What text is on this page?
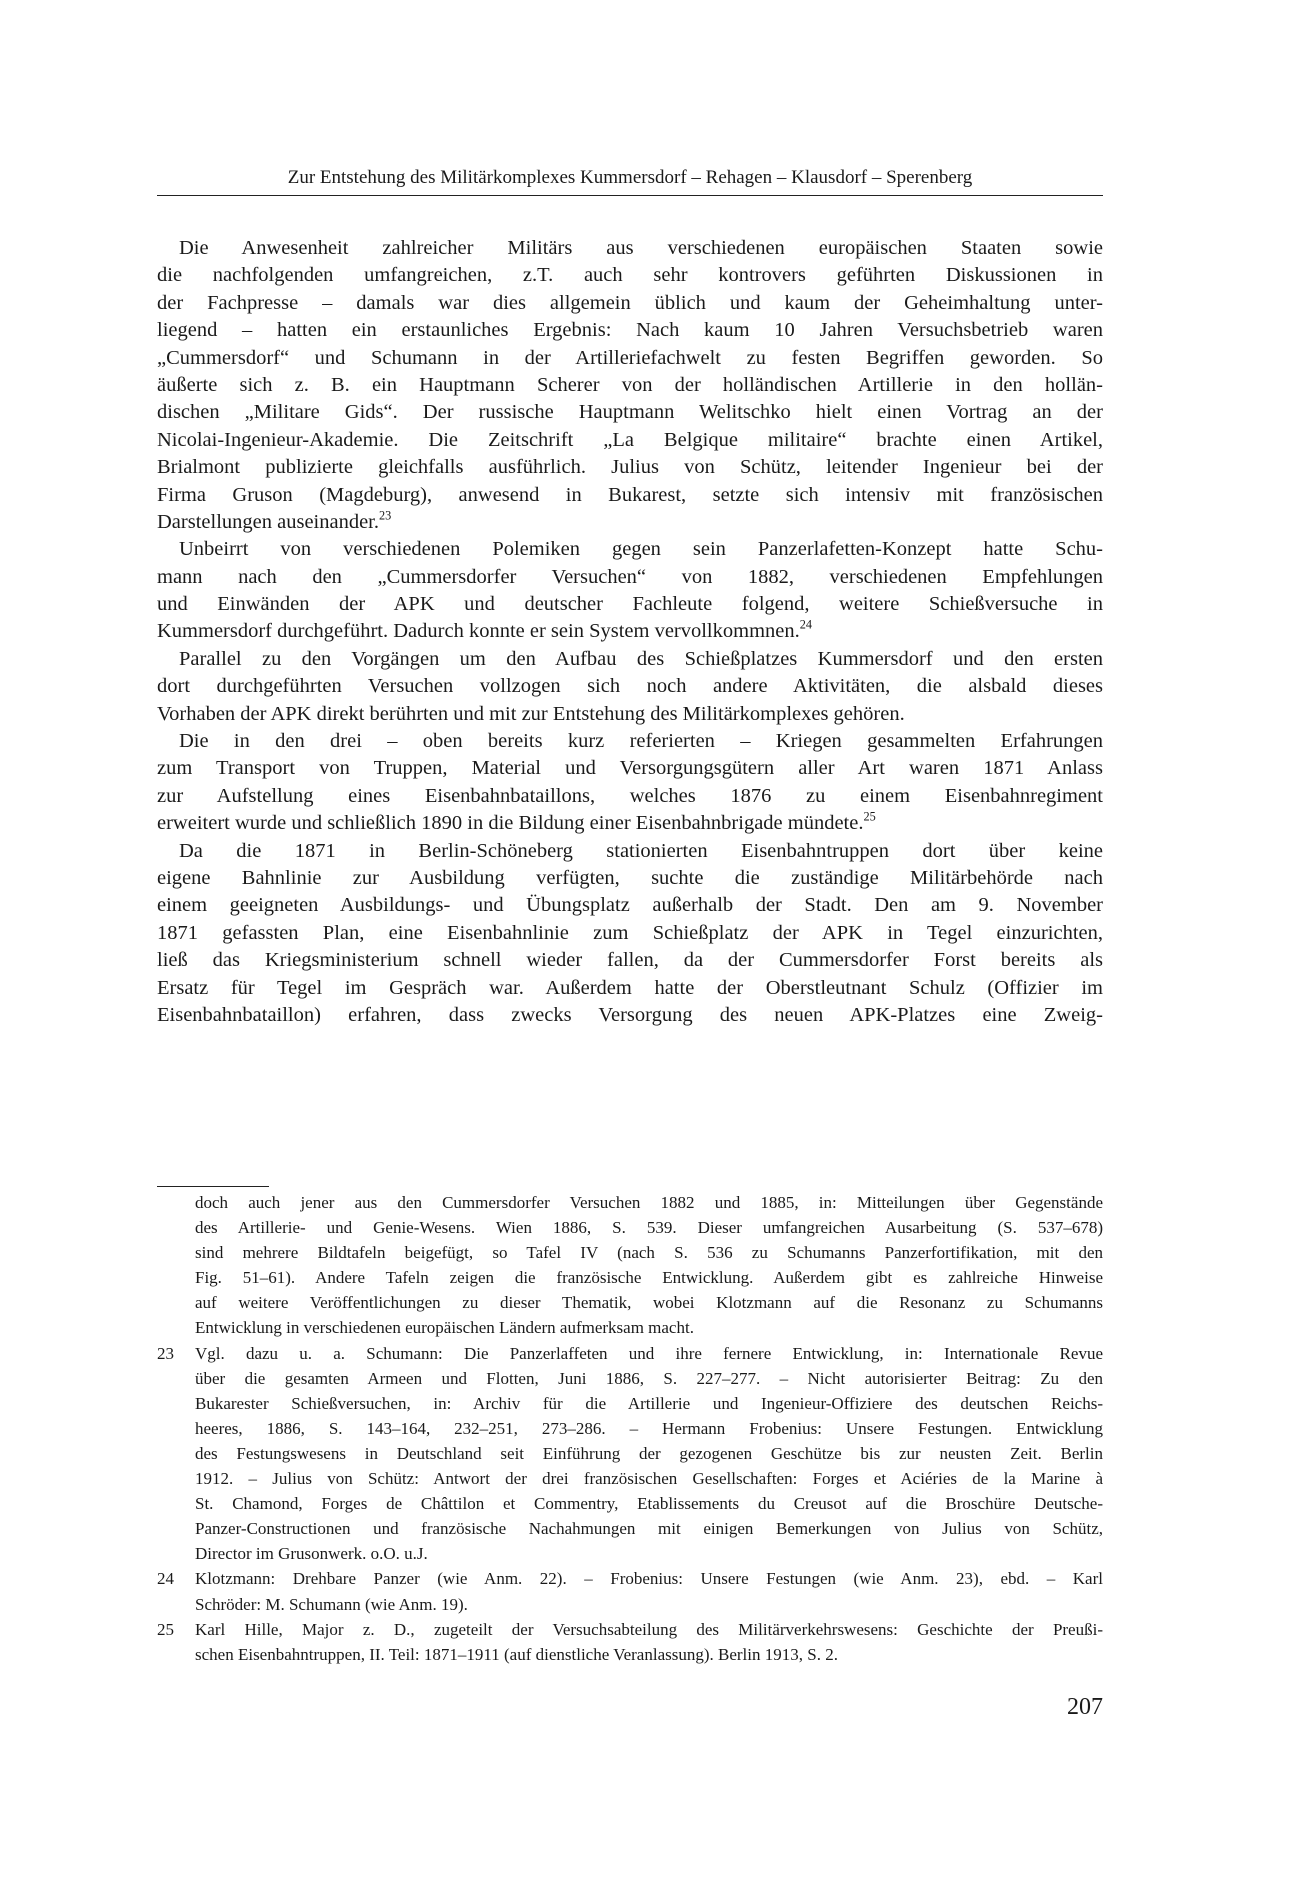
Zur Entstehung des Militärkomplexes Kummersdorf – Rehagen – Klausdorf – Sperenberg
Die Anwesenheit zahlreicher Militärs aus verschiedenen europäischen Staaten sowie
die nachfolgenden umfangreichen, z.T. auch sehr kontrovers geführten Diskussionen in
der Fachpresse – damals war dies allgemein üblich und kaum der Geheimhaltung unter-
liegend – hatten ein erstaunliches Ergebnis: Nach kaum 10 Jahren Versuchsbetrieb waren
„Cummersdorf“ und Schumann in der Artilleriefachwelt zu festen Begriffen geworden. So
äußerte sich z. B. ein Hauptmann Scherer von der holländischen Artillerie in den hollän-
dischen „Militare Gids“. Der russische Hauptmann Welitschko hielt einen Vortrag an der
Nicolai-Ingenieur-Akademie. Die Zeitschrift „La Belgique militaire“ brachte einen Artikel,
Brialmont publizierte gleichfalls ausführlich. Julius von Schütz, leitender Ingenieur bei der
Firma Gruson (Magdeburg), anwesend in Bukarest, setzte sich intensiv mit französischen
Darstellungen auseinander.$^{23}$
Unbeirrt von verschiedenen Polemiken gegen sein Panzerlafetten-Konzept hatte Schu-
mann nach den „Cummersdorfer Versuchen“ von 1882, verschiedenen Empfehlungen
und Einwänden der APK und deutscher Fachleute folgend, weitere Schießversuche in
Kummersdorf durchgeführt. Dadurch konnte er sein System vervollkommnen.$^{24}$
Parallel zu den Vorgängen um den Aufbau des Schießplatzes Kummersdorf und den ersten
dort durchgeführten Versuchen vollzogen sich noch andere Aktivitäten, die alsbald dieses
Vorhaben der APK direkt berührten und mit zur Entstehung des Militärkomplexes gehören.
Die in den drei – oben bereits kurz referierten – Kriegen gesammelten Erfahrungen
zum Transport von Truppen, Material und Versorgungsgütern aller Art waren 1871 Anlass
zur Aufstellung eines Eisenbahnbataillons, welches 1876 zu einem Eisenbahnregiment
erweitert wurde und schließlich 1890 in die Bildung einer Eisenbahnbrigade mündete.$^{25}$
Da die 1871 in Berlin-Schöneberg stationierten Eisenbahntruppen dort über keine
eigene Bahnlinie zur Ausbildung verfügten, suchte die zuständige Militärbehörde nach
einem geeigneten Ausbildungs- und Übungsplatz außerhalb der Stadt. Den am 9. November
1871 gefassten Plan, eine Eisenbahnlinie zum Schießplatz der APK in Tegel einzurichten,
ließ das Kriegsministerium schnell wieder fallen, da der Cummersdorfer Forst bereits als
Ersatz für Tegel im Gespräch war. Außerdem hatte der Oberstleutnant Schulz (Offizier im
Eisenbahnbataillon) erfahren, dass zwecks Versorgung des neuen APK-Platzes eine Zweig-
doch auch jener aus den Cummersdorfer Versuchen 1882 und 1885, in: Mitteilungen über Gegenstände
des Artillerie- und Genie-Wesens. Wien 1886, S. 539. Dieser umfangreichen Ausarbeitung (S. 537–678)
sind mehrere Bildtafeln beigefügt, so Tafel IV (nach S. 536 zu Schumanns Panzerfortifikation, mit den
Fig. 51–61). Andere Tafeln zeigen die französische Entwicklung. Außerdem gibt es zahlreiche Hinweise
auf weitere Veröffentlichungen zu dieser Thematik, wobei Klotzmann auf die Resonanz zu Schumanns
Entwicklung in verschiedenen europäischen Ländern aufmerksam macht.
23 Vgl. dazu u. a. Schumann: Die Panzerlaffeten und ihre fernere Entwicklung, in: Internationale Revue
über die gesamten Armeen und Flotten, Juni 1886, S. 227–277. – Nicht autorisierter Beitrag: Zu den
Bukarester Schießversuchen, in: Archiv für die Artillerie und Ingenieur-Offiziere des deutschen Reichs-
heeres, 1886, S. 143–164, 232–251, 273–286. – Hermann Frobenius: Unsere Festungen. Entwicklung
des Festungswesens in Deutschland seit Einführung der gezogenen Geschütze bis zur neusten Zeit. Berlin
1912. – Julius von Schütz: Antwort der drei französischen Gesellschaften: Forges et Aciéries de la Marine à
St. Chamond, Forges de Châttilon et Commentry, Etablissements du Creusot auf die Broschüre Deutsche-
Panzer-Constructionen und französische Nachahmungen mit einigen Bemerkungen von Julius von Schütz,
Director im Grusonwerk. o.O. u.J.
24 Klotzmann: Drehbare Panzer (wie Anm. 22). – Frobenius: Unsere Festungen (wie Anm. 23), ebd. – Karl
Schröder: M. Schumann (wie Anm. 19).
25 Karl Hille, Major z. D., zugeteilt der Versuchsabteilung des Militärverkehrswesens: Geschichte der Preußi-
schen Eisenbahntruppen, II. Teil: 1871–1911 (auf dienstliche Veranlassung). Berlin 1913, S. 2.
207
